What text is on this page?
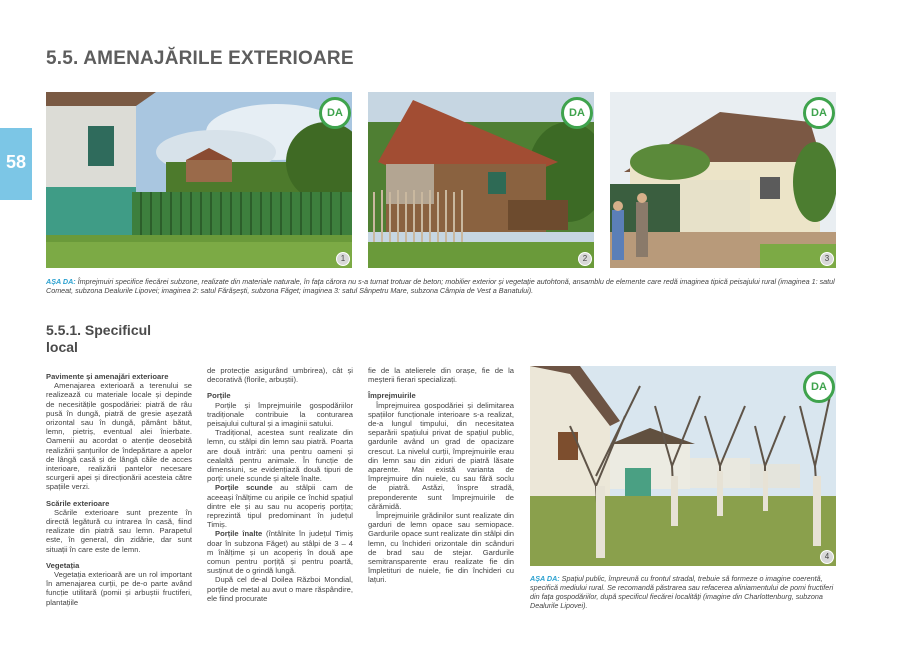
5.5. AMENAJĂRILE EXTERIOARE
58
DA
1
DA
2
DA
3
AȘA DA: Împrejmuiri specifice fiecărei subzone, realizate din materiale naturale, în fața cărora nu s-a turnat trotuar de beton; mobilier exterior și vegetație autohtonă, ansamblu de elemente care redă imaginea tipică peisajului rural (imaginea 1: satul Comeat, subzona Dealurile Lipovei; imaginea 2: satul Fărășești, subzona Făget; imaginea 3: satul Sânpetru Mare, subzona Câmpia de Vest a Banatului).
5.5.1. Specificul
local

Pavimente și amenajări exterioare

Amenajarea exterioară a terenului se realizează cu materiale locale și depinde de necesitățile gospodăriei: piatră de râu pusă în dungă, piatră de gresie așezată orizontal sau în dungă, pământ bătut, lemn, pietriș, eventual alei înierbate. Oamenii au acordat o atenție deosebită realizării șanțurilor de îndepărtare a apelor de lângă casă și de lângă căile de acces interioare, realizării pantelor necesare scurgerii apei și direcționării acesteia către spațiile verzi.

Scările exterioare

Scările exterioare sunt prezente în directă legătură cu intrarea în casă, fiind realizate din piatră sau lemn. Parapetul este, în general, din zidărie, dar sunt situații în care este de lemn.

Vegetația

Vegetația exterioară are un rol important în amenajarea curții, pe de-o parte având funcție utilitară (pomii și arbuștii fructiferi, plantațiile

de protecție asigurând umbrirea), cât și decorativă (florile, arbuștii).

Porțile

Porțile și împrejmuirile gospodăriilor tradiționale contribuie la conturarea peisajului cultural și a imaginii satului.

Tradițional, acestea sunt realizate din lemn, cu stâlpi din lemn sau piatră. Poarta are două intrări: una pentru oameni și cealaltă pentru animale. În funcție de dimensiuni, se evidențiază două tipuri de porți: unele scunde și altele înalte.

Porțile scunde au stâlpii cam de aceeași înălțime cu aripile ce închid spațiul dintre ele și au sau nu acoperiș porțița; reprezintă tipul predominant în județul Timiș.

Porțile înalte (întâlnite în județul Timiș doar în subzona Făget) au stâlpi de 3 – 4 m înălțime și un acoperiș în două ape comun pentru porțiță și pentru poartă, susținut de o grindă lungă.

După cel de-al Doilea Război Mondial, porțile de metal au avut o mare răspândire, ele fiind procurate

fie de la atelierele din orașe, fie de la meșterii fierari specializați.

Împrejmuirile

Împrejmuirea gospodăriei și delimitarea spațiilor funcționale interioare s-a realizat, de-a lungul timpului, din necesitatea separării spațiului privat de spațiul public, gardurile având un grad de opacizare crescut. La nivelul curții, împrejmuirile erau din lemn sau din ziduri de piatră lăsate aparente. Mai există varianta de împrejmuire din nuiele, cu sau fără soclu de piatră. Astăzi, înspre stradă, preponderente sunt împrejmuirile de cărămidă.

Împrejmuirile grădinilor sunt realizate din garduri de lemn opace sau semiopace. Gardurile opace sunt realizate din stâlpi din lemn, cu închideri orizontale din scânduri de brad sau de stejar. Gardurile semitransparente erau realizate fie din împletituri de nuiele, fie din închideri cu lațuri.

DA
4
AȘA DA: Spațiul public, împreună cu frontul stradal, trebuie să formeze o imagine coerentă, specifică mediului rural. Se recomandă păstrarea sau refacerea aliniamentului de pomi fructiferi din fața gospodăriilor, după specificul fiecărei localități (imagine din Charlottenburg, subzona Dealurile Lipovei).
